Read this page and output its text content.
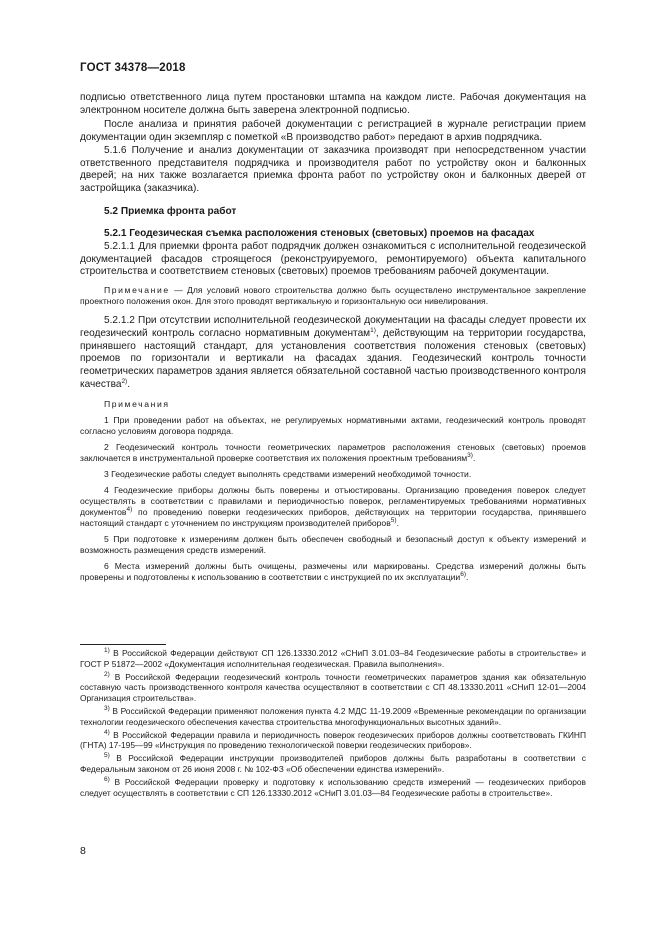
ГОСТ 34378—2018

подписью ответственного лица путем простановки штампа на каждом листе. Рабочая документация на электронном носителе должна быть заверена электронной подписью.

После анализа и принятия рабочей документации с регистрацией в журнале регистрации прием документации один экземпляр с пометкой «В производство работ» передают в архив подрядчика.

5.1.6 Получение и анализ документации от заказчика производят при непосредственном участии ответственного представителя подрядчика и производителя работ по устройству окон и балконных дверей; на них также возлагается приемка фронта работ по устройству окон и балконных дверей от застройщика (заказчика).

5.2 Приемка фронта работ

5.2.1 Геодезическая съемка расположения стеновых (световых) проемов на фасадах

5.2.1.1 Для приемки фронта работ подрядчик должен ознакомиться с исполнительной геодезической документацией фасадов строящегося (реконструируемого, ремонтируемого) объекта капитального строительства и соответствием стеновых (световых) проемов требованиям рабочей документации.

Примечание — Для условий нового строительства должно быть осуществлено инструментальное закрепление проектного положения окон. Для этого проводят вертикальную и горизонтальную оси нивелирования.

5.2.1.2 При отсутствии исполнительной геодезической документации на фасады следует провести их геодезический контроль согласно нормативным документам$^{1)}$, действующим на территории государства, принявшего настоящий стандарт, для установления соответствия положения стеновых (световых) проемов по горизонтали и вертикали на фасадах здания. Геодезический контроль точности геометрических параметров здания является обязательной составной частью производственного контроля качества$^{2)}$.

Примечания

1 При проведении работ на объектах, не регулируемых нормативными актами, геодезический контроль проводят согласно условиям договора подряда.

2 Геодезический контроль точности геометрических параметров расположения стеновых (световых) проемов заключается в инструментальной проверке соответствия их положения проектным требованиям$^{3)}$.

3 Геодезические работы следует выполнять средствами измерений необходимой точности.

4 Геодезические приборы должны быть поверены и отъюстированы. Организацию проведения поверок следует осуществлять в соответствии с правилами и периодичностью поверок, регламентируемых требованиями нормативных документов$^{4)}$ по проведению поверки геодезических приборов, действующих на территории государства, принявшего настоящий стандарт с уточнением по инструкциям производителей приборов$^{5)}$.

5 При подготовке к измерениям должен быть обеспечен свободный и безопасный доступ к объекту измерений и возможность размещения средств измерений.

6 Места измерений должны быть очищены, размечены или маркированы. Средства измерений должны быть проверены и подготовлены к использованию в соответствии с инструкцией по их эксплуатации$^{6)}$.

$^{1)}$ В Российской Федерации действуют СП 126.13330.2012 «СНиП 3.01.03–84 Геодезические работы в строительстве» и ГОСТ Р 51872—2002 «Документация исполнительная геодезическая. Правила выполнения».

$^{2)}$ В Российской Федерации геодезический контроль точности геометрических параметров здания как обязательную составную часть производственного контроля качества осуществляют в соответствии с СП 48.13330.2011 «СНиП 12-01—2004 Организация строительства».

$^{3)}$ В Российской Федерации применяют положения пункта 4.2 МДС 11-19.2009 «Временные рекомендации по организации технологии геодезического обеспечения качества строительства многофункциональных высотных зданий».

$^{4)}$ В Российской Федерации правила и периодичность поверок геодезических приборов должны соответствовать ГКИНП (ГНТА) 17-195—99 «Инструкция по проведению технологической поверки геодезических приборов».

$^{5)}$ В Российской Федерации инструкции производителей приборов должны быть разработаны в соответствии с Федеральным законом от 26 июня 2008 г. № 102-ФЗ «Об обеспечении единства измерений».

$^{6)}$ В Российской Федерации проверку и подготовку к использованию средств измерений — геодезических приборов следует осуществлять в соответствии с СП 126.13330.2012 «СНиП 3.01.03—84 Геодезические работы в строительстве».

8
